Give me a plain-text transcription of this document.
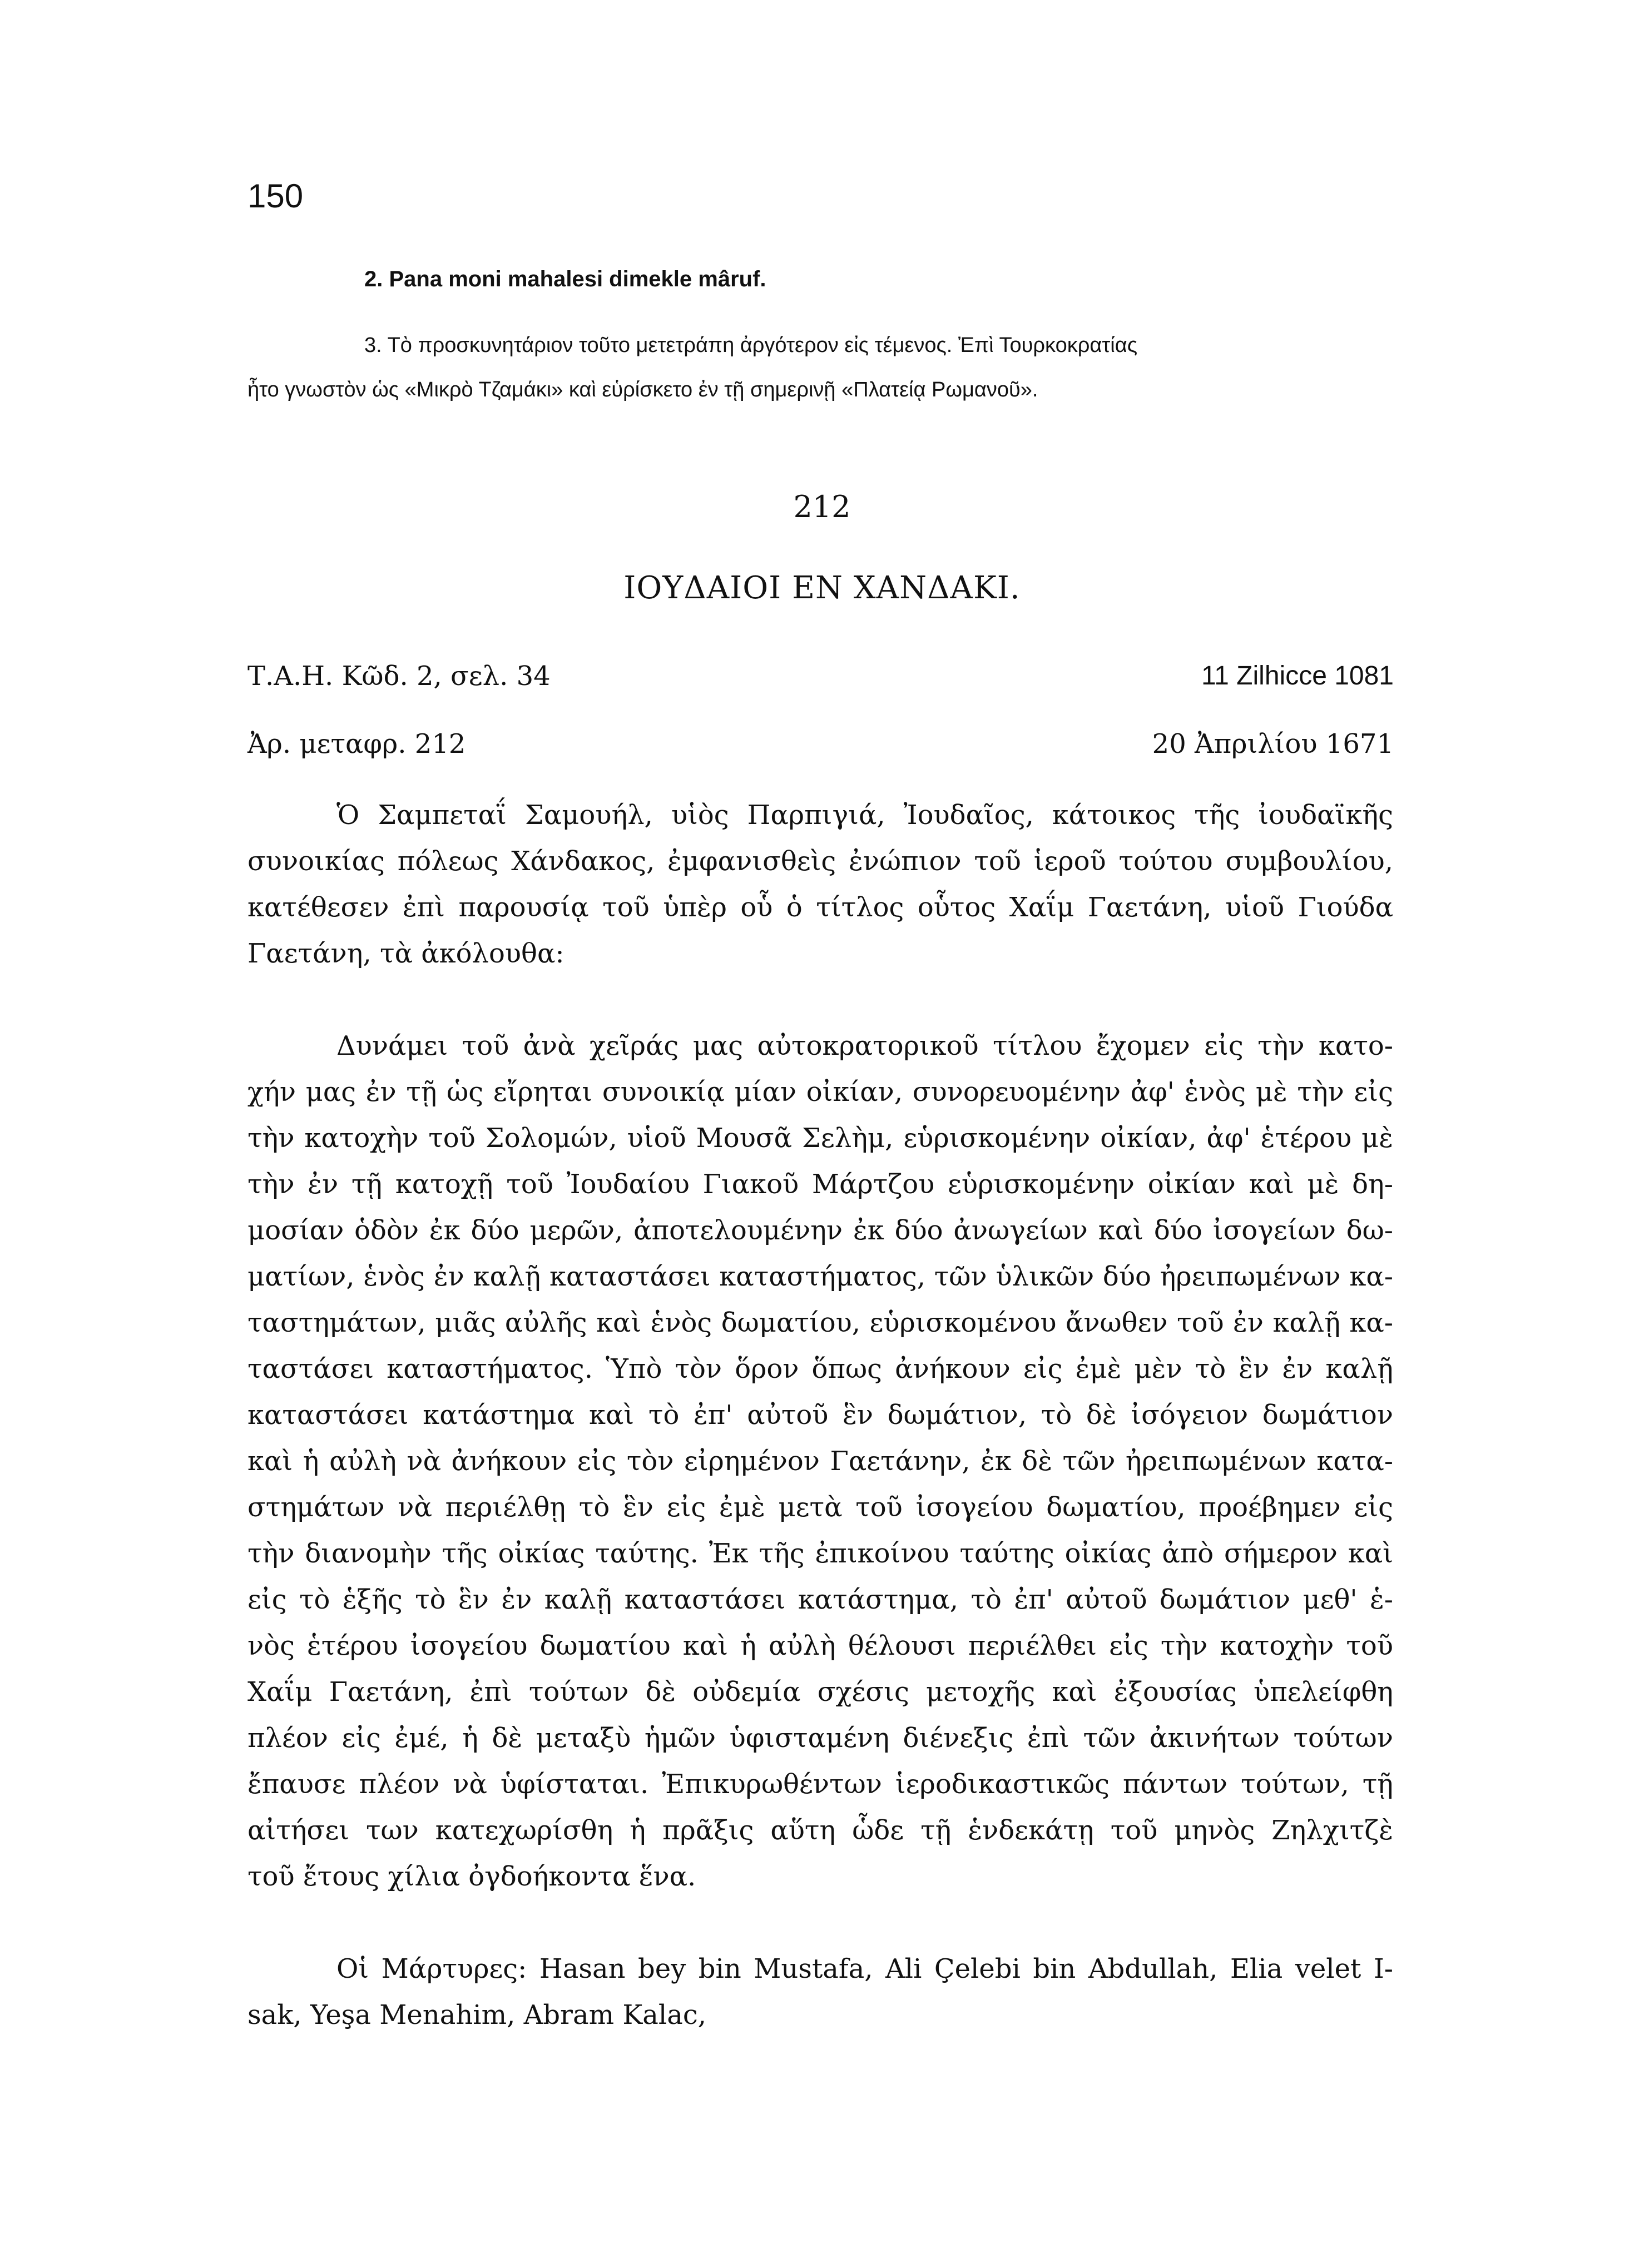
150
2. Pana moni mahalesi dimekle mâruf.
3. Τὸ προσκυνητάριον τοῦτο μετετράπη ἀργότερον εἰς τέμενος. Ἐπὶ Τουρκοκρατίας
ἦτο γνωστὸν ὡς «Μικρὸ Τζαμάκι» καὶ εὑρίσκετο ἐν τῇ σημερινῇ «Πλατείᾳ Ρωμανοῦ».
212
ΙΟΥΔΑΙΟΙ ΕΝ ΧΑΝΔΑΚΙ.
Τ.Α.Η. Κῶδ. 2, σελ. 34	11 Zilhicce 1081
Ἀρ. μεταφρ. 212	20 Ἀπριλίου 1671
Ὁ Σαμπεταΐ Σαμουήλ, υἱὸς Παρπιγιά, Ἰουδαῖος, κάτοικος τῆς ἰουδαϊκῆς
συνοικίας πόλεως Χάνδακος, ἐμφανισθεὶς ἐνώπιον τοῦ ἱεροῦ τούτου συμβουλίου,
κατέθεσεν ἐπὶ παρουσίᾳ τοῦ ὑπὲρ οὗ ὁ τίτλος οὗτος Χαΐμ Γαετάνη, υἱοῦ Γιούδα
Γαετάνη, τὰ ἀκόλουθα:
Δυνάμει τοῦ ἀνὰ χεῖράς μας αὐτοκρατορικοῦ τίτλου ἔχομεν εἰς τὴν κατο-
χήν μας ἐν τῇ ὡς εἴρηται συνοικίᾳ μίαν οἰκίαν, συνορευομένην ἀφ' ἑνὸς μὲ τὴν εἰς
τὴν κατοχὴν τοῦ Σολομών, υἱοῦ Μουσᾶ Σελὴμ, εὑρισκομένην οἰκίαν, ἀφ' ἑτέρου μὲ
τὴν ἐν τῇ κατοχῇ τοῦ Ἰουδαίου Γιακοῦ Μάρτζου εὑρισκομένην οἰκίαν καὶ μὲ δη-
μοσίαν ὁδὸν ἐκ δύο μερῶν, ἀποτελουμένην ἐκ δύο ἀνωγείων καὶ δύο ἰσογείων δω-
ματίων, ἑνὸς ἐν καλῇ καταστάσει καταστήματος, τῶν ὑλικῶν δύο ἠρειπωμένων κα-
ταστημάτων, μιᾶς αὐλῆς καὶ ἑνὸς δωματίου, εὑρισκομένου ἄνωθεν τοῦ ἐν καλῇ κα-
ταστάσει καταστήματος. Ὑπὸ τὸν ὅρον ὅπως ἀνήκουν εἰς ἐμὲ μὲν τὸ ἓν ἐν καλῇ
καταστάσει κατάστημα καὶ τὸ ἐπ' αὐτοῦ ἓν δωμάτιον, τὸ δὲ ἰσόγειον δωμάτιον
καὶ ἡ αὐλὴ νὰ ἀνήκουν εἰς τὸν εἰρημένον Γαετάνην, ἐκ δὲ τῶν ἠρειπωμένων κατα-
στημάτων νὰ περιέλθῃ τὸ ἓν εἰς ἐμὲ μετὰ τοῦ ἰσογείου δωματίου, προέβημεν εἰς
τὴν διανομὴν τῆς οἰκίας ταύτης. Ἐκ τῆς ἐπικοίνου ταύτης οἰκίας ἀπὸ σήμερον καὶ
εἰς τὸ ἑξῆς τὸ ἓν ἐν καλῇ καταστάσει κατάστημα, τὸ ἐπ' αὐτοῦ δωμάτιον μεθ' ἑ-
νὸς ἑτέρου ἰσογείου δωματίου καὶ ἡ αὐλὴ θέλουσι περιέλθει εἰς τὴν κατοχὴν τοῦ
Χαΐμ Γαετάνη, ἐπὶ τούτων δὲ οὐδεμία σχέσις μετοχῆς καὶ ἐξουσίας ὑπελείφθη
πλέον εἰς ἐμέ, ἡ δὲ μεταξὺ ἡμῶν ὑφισταμένη διένεξις ἐπὶ τῶν ἀκινήτων τούτων
ἔπαυσε πλέον νὰ ὑφίσταται. Ἐπικυρωθέντων ἱεροδικαστικῶς πάντων τούτων, τῇ
αἰτήσει των κατεχωρίσθη ἡ πρᾶξις αὕτη ὧδε τῇ ἑνδεκάτῃ τοῦ μηνὸς Ζηλχιτζὲ
τοῦ ἔτους χίλια ὀγδοήκοντα ἕνα.
Οἱ Μάρτυρες: Hasan bey bin Mustafa, Ali Çelebi bin Abdullah, Elia velet I-
sak, Yeşa Menahim, Abram Kalac,
